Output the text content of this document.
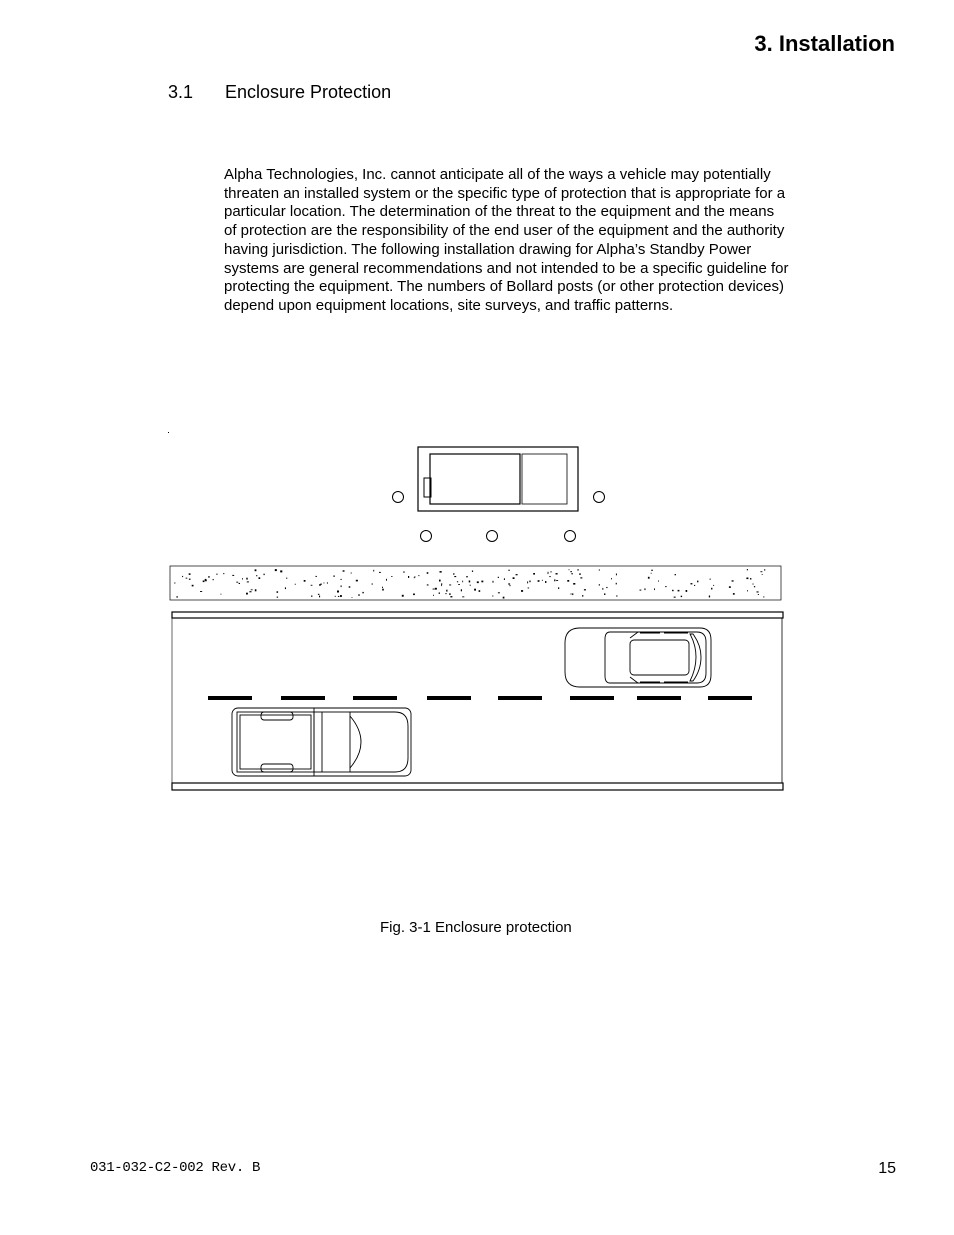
3. Installation
3.1 Enclosure Protection

Alpha Technologies, Inc. cannot anticipate all of the ways a vehicle may potentially threaten an installed system or the specific type of protection that is appropriate for a particular location. The determination of the threat to the equipment and the means of protection are the responsibility of the end user of the equipment and the authority having jurisdiction. The following installation drawing for Alpha’s Standby Power systems are general recommendations and not intended to be a specific guideline for protecting the equipment. The numbers of Bollard posts (or other protection devices) depend upon equipment locations, site surveys, and traffic patterns.

Fig. 3-1 Enclosure protection
031-032-C2-002 Rev. B	15
